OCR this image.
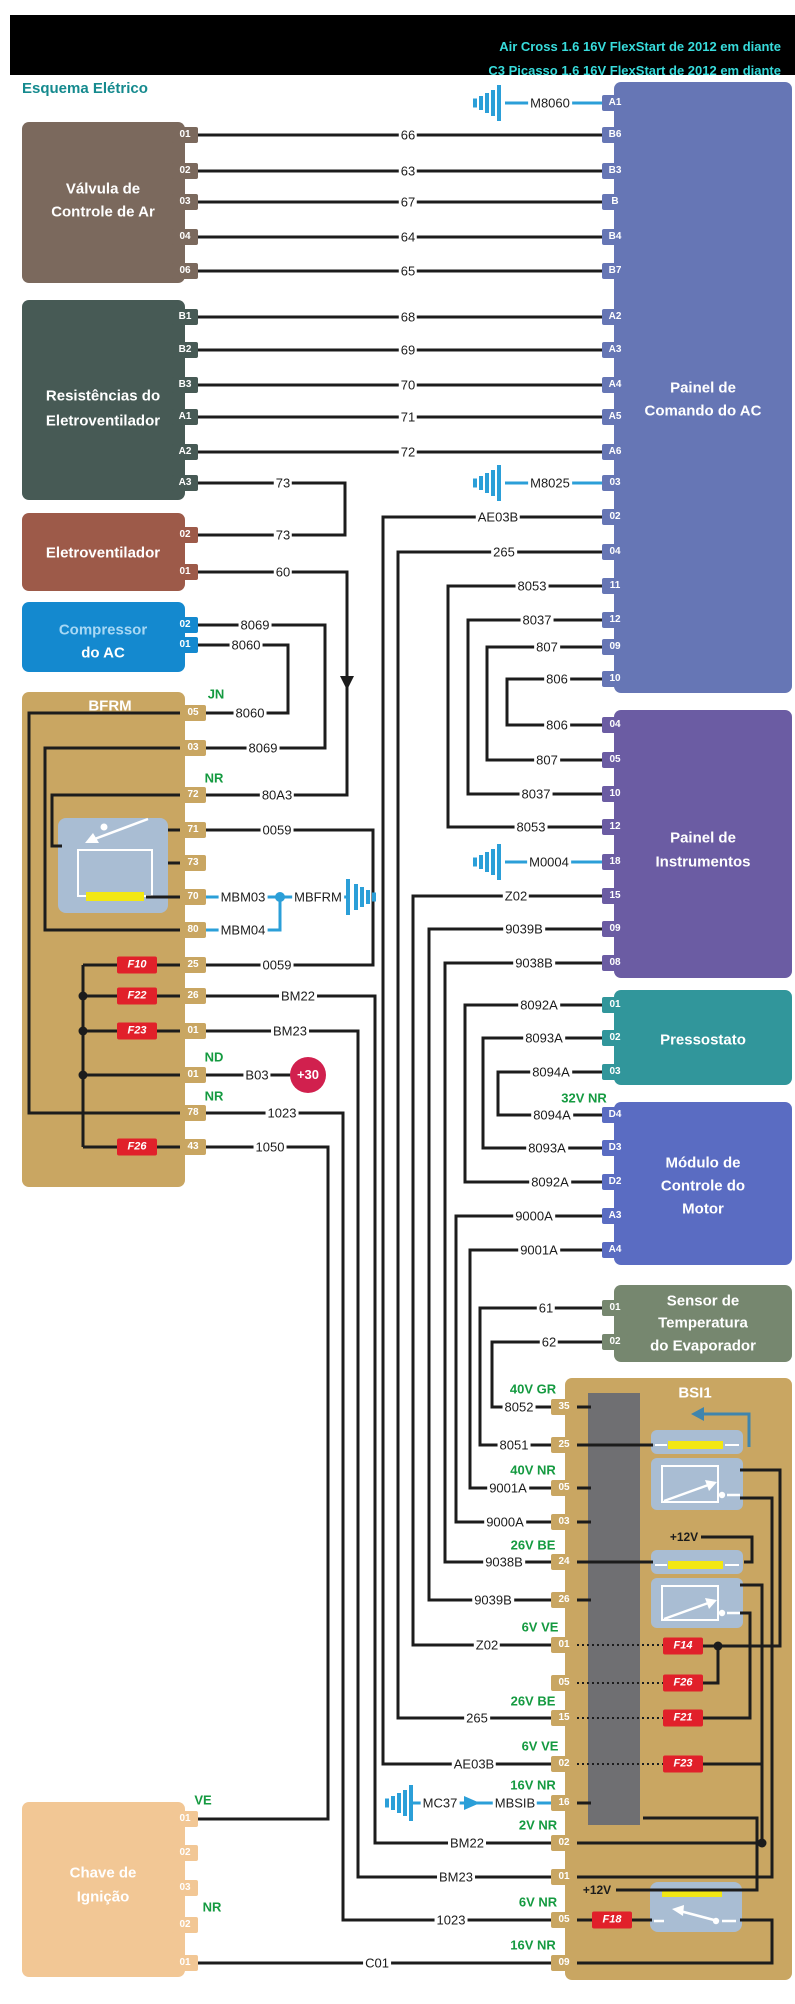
Air Cross 1.6 16V FlexStart de 2012 em diante
C3 Picasso 1.6 16V FlexStart de 2012 em diante
Esquema Elétrico
Válvula de
Controle de Ar
Resistências do
Eletroventilador
Eletroventilador
Compressor
do AC
BFRM
Painel de
Comando do AC
Painel de
Instrumentos
Pressostato
Módulo de
Controle do
Motor
Sensor de
Temperatura
do Evaporador
BSI1
Chave de
Ignição
01
02
03
04
06
B1
B2
B3
A1
A2
A3
02
01
02
01
05
03
72
71
73
70
80
25
26
01
01
78
43
01
02
03
02
01
A1
B6
B3
B
B4
B7
A2
A3
A4
A5
A6
03
02
04
11
12
09
10
04
05
10
12
18
15
09
08
01
02
03
D4
D3
D2
A3
A4
01
02
35
25
05
03
24
26
01
05
15
02
16
02
01
05
09
66
63
67
64
65
68
69
70
71
72
73
73
60
8069
8060
8060
8069
80A3
0059
MBM03 MBFRM
MBM04
0059
BM22
BM23
B03
1023
1050
M8060
M8025
M0004
AE03B
265
8053
8037
807
806
806
807
8037
8053
Z02
9039B
9038B
8092A
8093A
8094A
8094A
8093A
8092A
9000A
9001A
61
62
8052
8051
9001A
9000A
9038B
9039B
Z02
265
AE03B
MC37	MBSIB
BM22
BM23
1023
C01
JN
NR
ND
NR
VE
NR
32V NR
40V GR
40V NR
26V BE
6V VE
26V BE
6V VE
16V NR
2V NR
6V NR
16V NR
+12V
+12V
F10
F22
F23
F26
F14
F26
F21
F23
F18
+30
